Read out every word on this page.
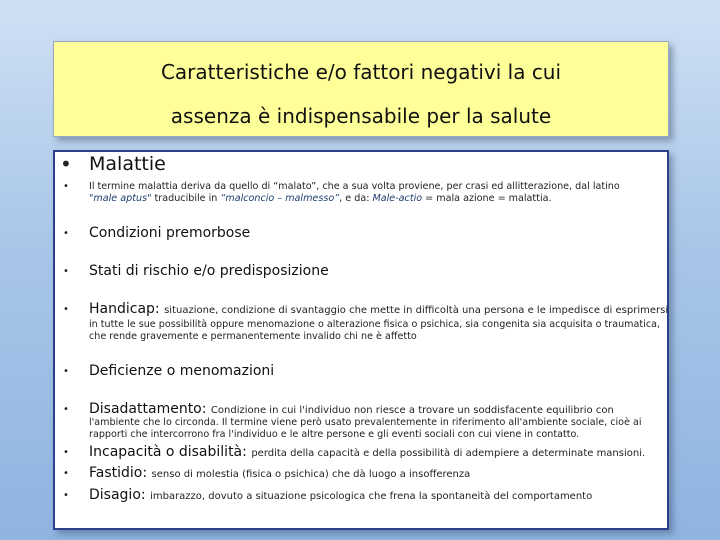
Caratteristiche e/o fattori negativi la cui
assenza è indispensabile per la salute
• Malattie
• Il termine malattia deriva da quello di “malato”, che a sua volta proviene, per crasi ed allitterazione, dal latino
"male aptus" traducibile in “malconcio – malmesso”, e da: Male-actio = mala azione = malattia.
• Condizioni premorbose
• Stati di rischio e/o predisposizione
• Handicap: situazione, condizione di svantaggio che mette in difficoltà una persona e le impedisce di esprimersi
in tutte le sue possibilità oppure menomazione o alterazione fisica o psichica, sia congenita sia acquisita o traumatica, che rende gravemente e permanentemente invalido chi ne è affetto
• Deficienze o menomazioni
• Disadattamento: Condizione in cui l'individuo non riesce a trovare un soddisfacente equilibrio con
l'ambiente che lo circonda. Il termine viene però usato prevalentemente in riferimento all'ambiente sociale, cioè ai rapporti che intercorrono fra l'individuo e le altre persone e gli eventi sociali con cui viene in contatto.
• Incapacità o disabilità: perdita della capacità e della possibilità di adempiere a determinate mansioni.
• Fastidio: senso di molestia (fisica o psichica) che dà luogo a insofferenza
• Disagio: imbarazzo, dovuto a situazione psicologica che frena la spontaneità del comportamento
